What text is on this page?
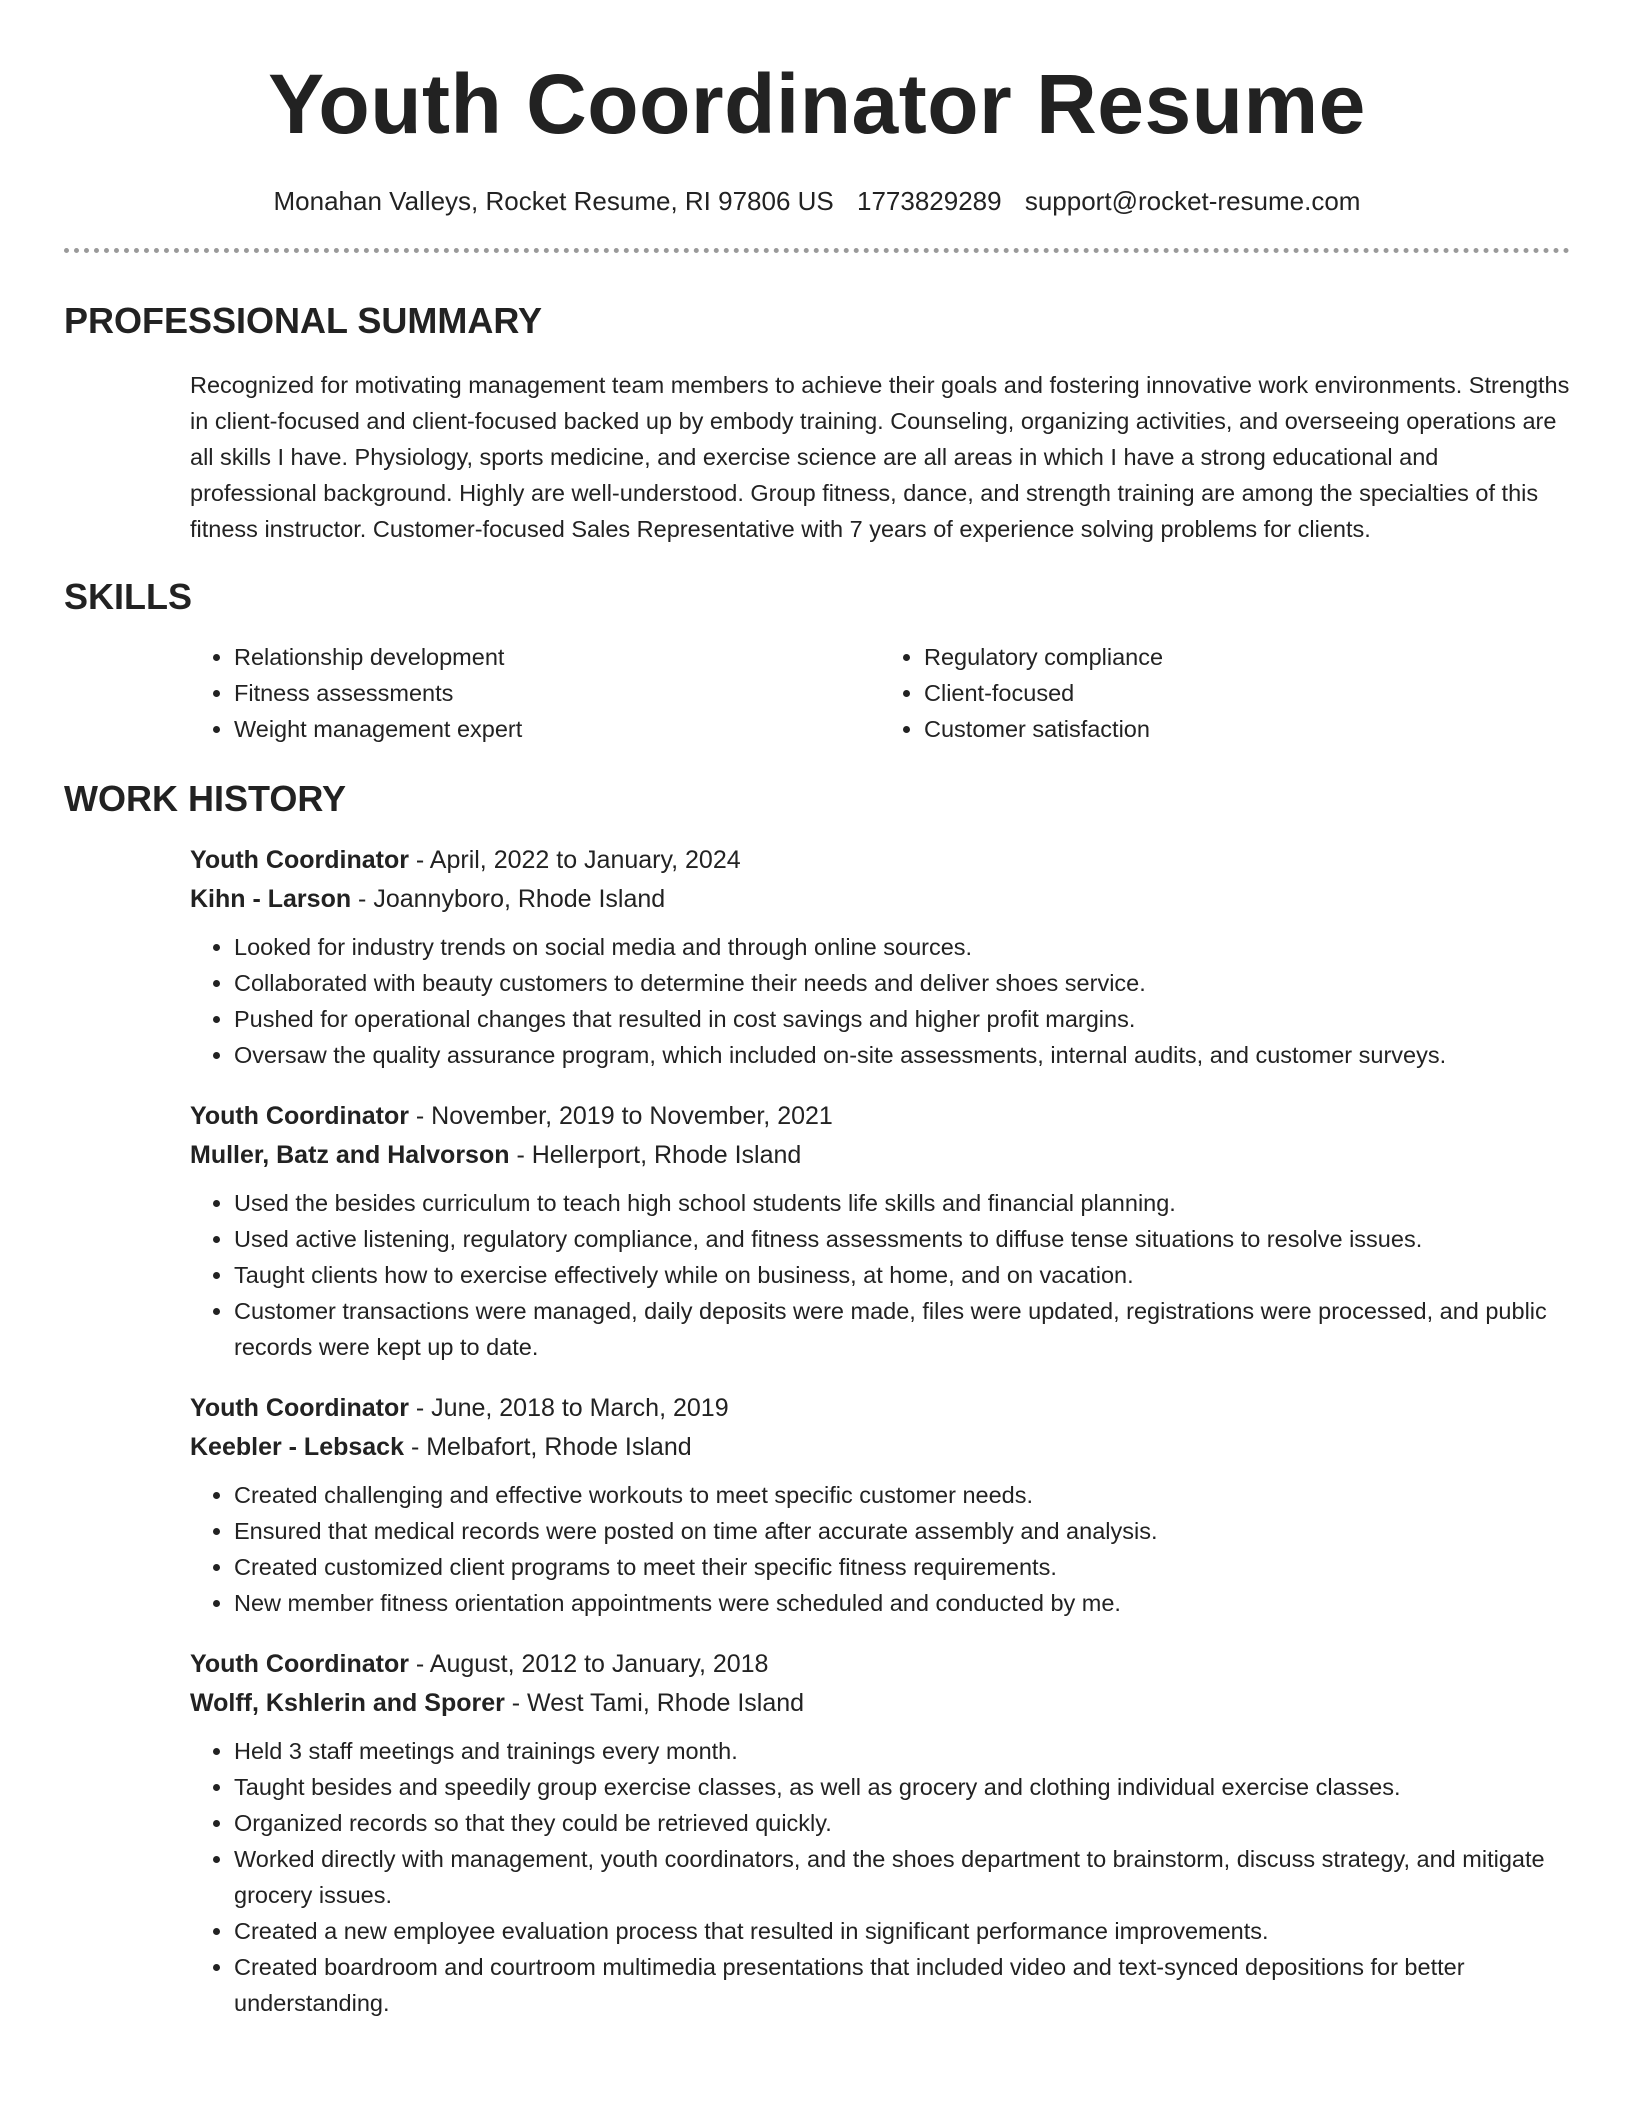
Youth Coordinator Resume
Monahan Valleys, Rocket Resume, RI 97806 US 1773829289 support@rocket-resume.com
PROFESSIONAL SUMMARY
Recognized for motivating management team members to achieve their goals and fostering innovative work environments. Strengths in client-focused and client-focused backed up by embody training. Counseling, organizing activities, and overseeing operations are all skills I have. Physiology, sports medicine, and exercise science are all areas in which I have a strong educational and professional background. Highly are well-understood. Group fitness, dance, and strength training are among the specialties of this fitness instructor. Customer-focused Sales Representative with 7 years of experience solving problems for clients.
SKILLS
• Relationship development
• Fitness assessments
• Weight management expert
• Regulatory compliance
• Client-focused
• Customer satisfaction
WORK HISTORY
Youth Coordinator - April, 2022 to January, 2024
Kihn - Larson - Joannyboro, Rhode Island
• Looked for industry trends on social media and through online sources.
• Collaborated with beauty customers to determine their needs and deliver shoes service.
• Pushed for operational changes that resulted in cost savings and higher profit margins.
• Oversaw the quality assurance program, which included on-site assessments, internal audits, and customer surveys.
Youth Coordinator - November, 2019 to November, 2021
Muller, Batz and Halvorson - Hellerport, Rhode Island
• Used the besides curriculum to teach high school students life skills and financial planning.
• Used active listening, regulatory compliance, and fitness assessments to diffuse tense situations to resolve issues.
• Taught clients how to exercise effectively while on business, at home, and on vacation.
• Customer transactions were managed, daily deposits were made, files were updated, registrations were processed, and public records were kept up to date.
Youth Coordinator - June, 2018 to March, 2019
Keebler - Lebsack - Melbafort, Rhode Island
• Created challenging and effective workouts to meet specific customer needs.
• Ensured that medical records were posted on time after accurate assembly and analysis.
• Created customized client programs to meet their specific fitness requirements.
• New member fitness orientation appointments were scheduled and conducted by me.
Youth Coordinator - August, 2012 to January, 2018
Wolff, Kshlerin and Sporer - West Tami, Rhode Island
• Held 3 staff meetings and trainings every month.
• Taught besides and speedily group exercise classes, as well as grocery and clothing individual exercise classes.
• Organized records so that they could be retrieved quickly.
• Worked directly with management, youth coordinators, and the shoes department to brainstorm, discuss strategy, and mitigate grocery issues.
• Created a new employee evaluation process that resulted in significant performance improvements.
• Created boardroom and courtroom multimedia presentations that included video and text-synced depositions for better understanding.
